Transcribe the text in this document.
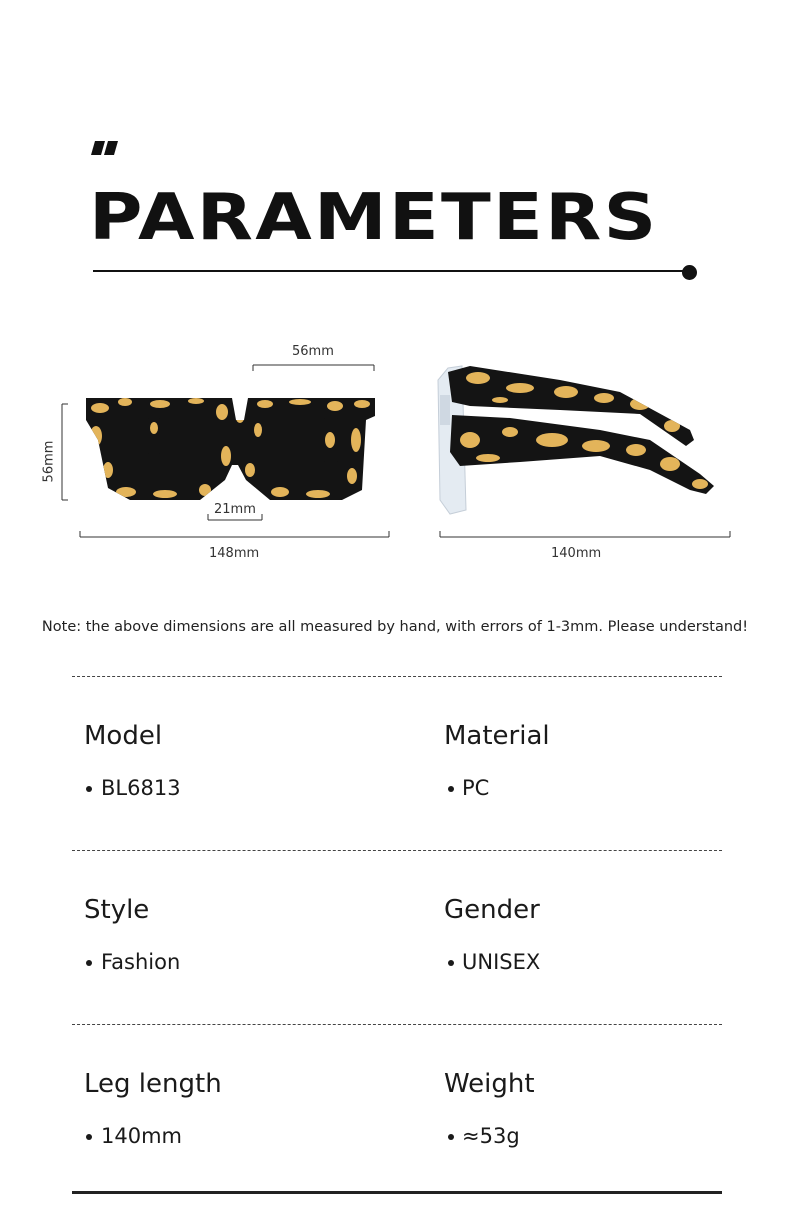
PARAMETERS
56mm
56mm
21mm
148mm	140mm
Note: the above dimensions are all measured by hand, with errors of 1-3mm. Please understand!
Model
BL6813
Material
PC
Style
Fashion
Gender
UNISEX
Leg length
140mm
Weight
≈53g
